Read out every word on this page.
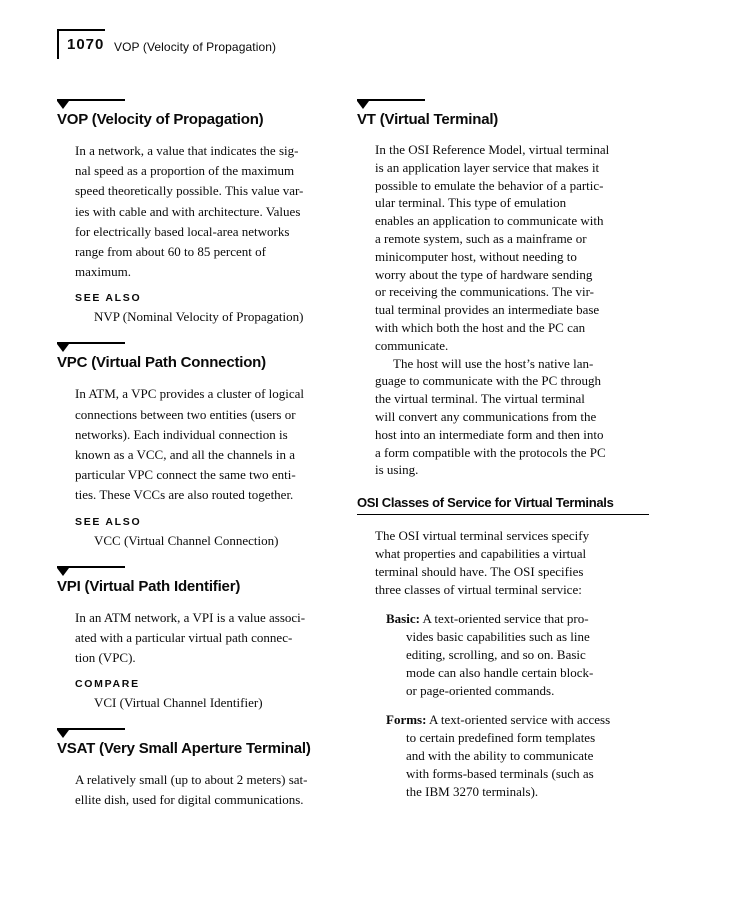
1070 VOP (Velocity of Propagation)
VOP (Velocity of Propagation)
In a network, a value that indicates the sig-
nal speed as a proportion of the maximum
speed theoretically possible. This value var-
ies with cable and with architecture. Values
for electrically based local-area networks
range from about 60 to 85 percent of
maximum.
SEE ALSO
NVP (Nominal Velocity of Propagation)
VPC (Virtual Path Connection)
In ATM, a VPC provides a cluster of logical
connections between two entities (users or
networks). Each individual connection is
known as a VCC, and all the channels in a
particular VPC connect the same two enti-
ties. These VCCs are also routed together.
SEE ALSO
VCC (Virtual Channel Connection)
VPI (Virtual Path Identifier)
In an ATM network, a VPI is a value associ-
ated with a particular virtual path connec-
tion (VPC).
COMPARE
VCI (Virtual Channel Identifier)
VSAT (Very Small Aperture Terminal)
A relatively small (up to about 2 meters) sat-
ellite dish, used for digital communications.
VT (Virtual Terminal)
In the OSI Reference Model, virtual terminal
is an application layer service that makes it
possible to emulate the behavior of a partic-
ular terminal. This type of emulation
enables an application to communicate with
a remote system, such as a mainframe or
minicomputer host, without needing to
worry about the type of hardware sending
or receiving the communications. The vir-
tual terminal provides an intermediate base
with which both the host and the PC can
communicate.
The host will use the host’s native lan-
guage to communicate with the PC through
the virtual terminal. The virtual terminal
will convert any communications from the
host into an intermediate form and then into
a form compatible with the protocols the PC
is using.
OSI Classes of Service for Virtual Terminals
The OSI virtual terminal services specify
what properties and capabilities a virtual
terminal should have. The OSI specifies
three classes of virtual terminal service:
Basic: A text-oriented service that pro-
vides basic capabilities such as line
editing, scrolling, and so on. Basic
mode can also handle certain block-
or page-oriented commands.
Forms: A text-oriented service with access
to certain predefined form templates
and with the ability to communicate
with forms-based terminals (such as
the IBM 3270 terminals).
